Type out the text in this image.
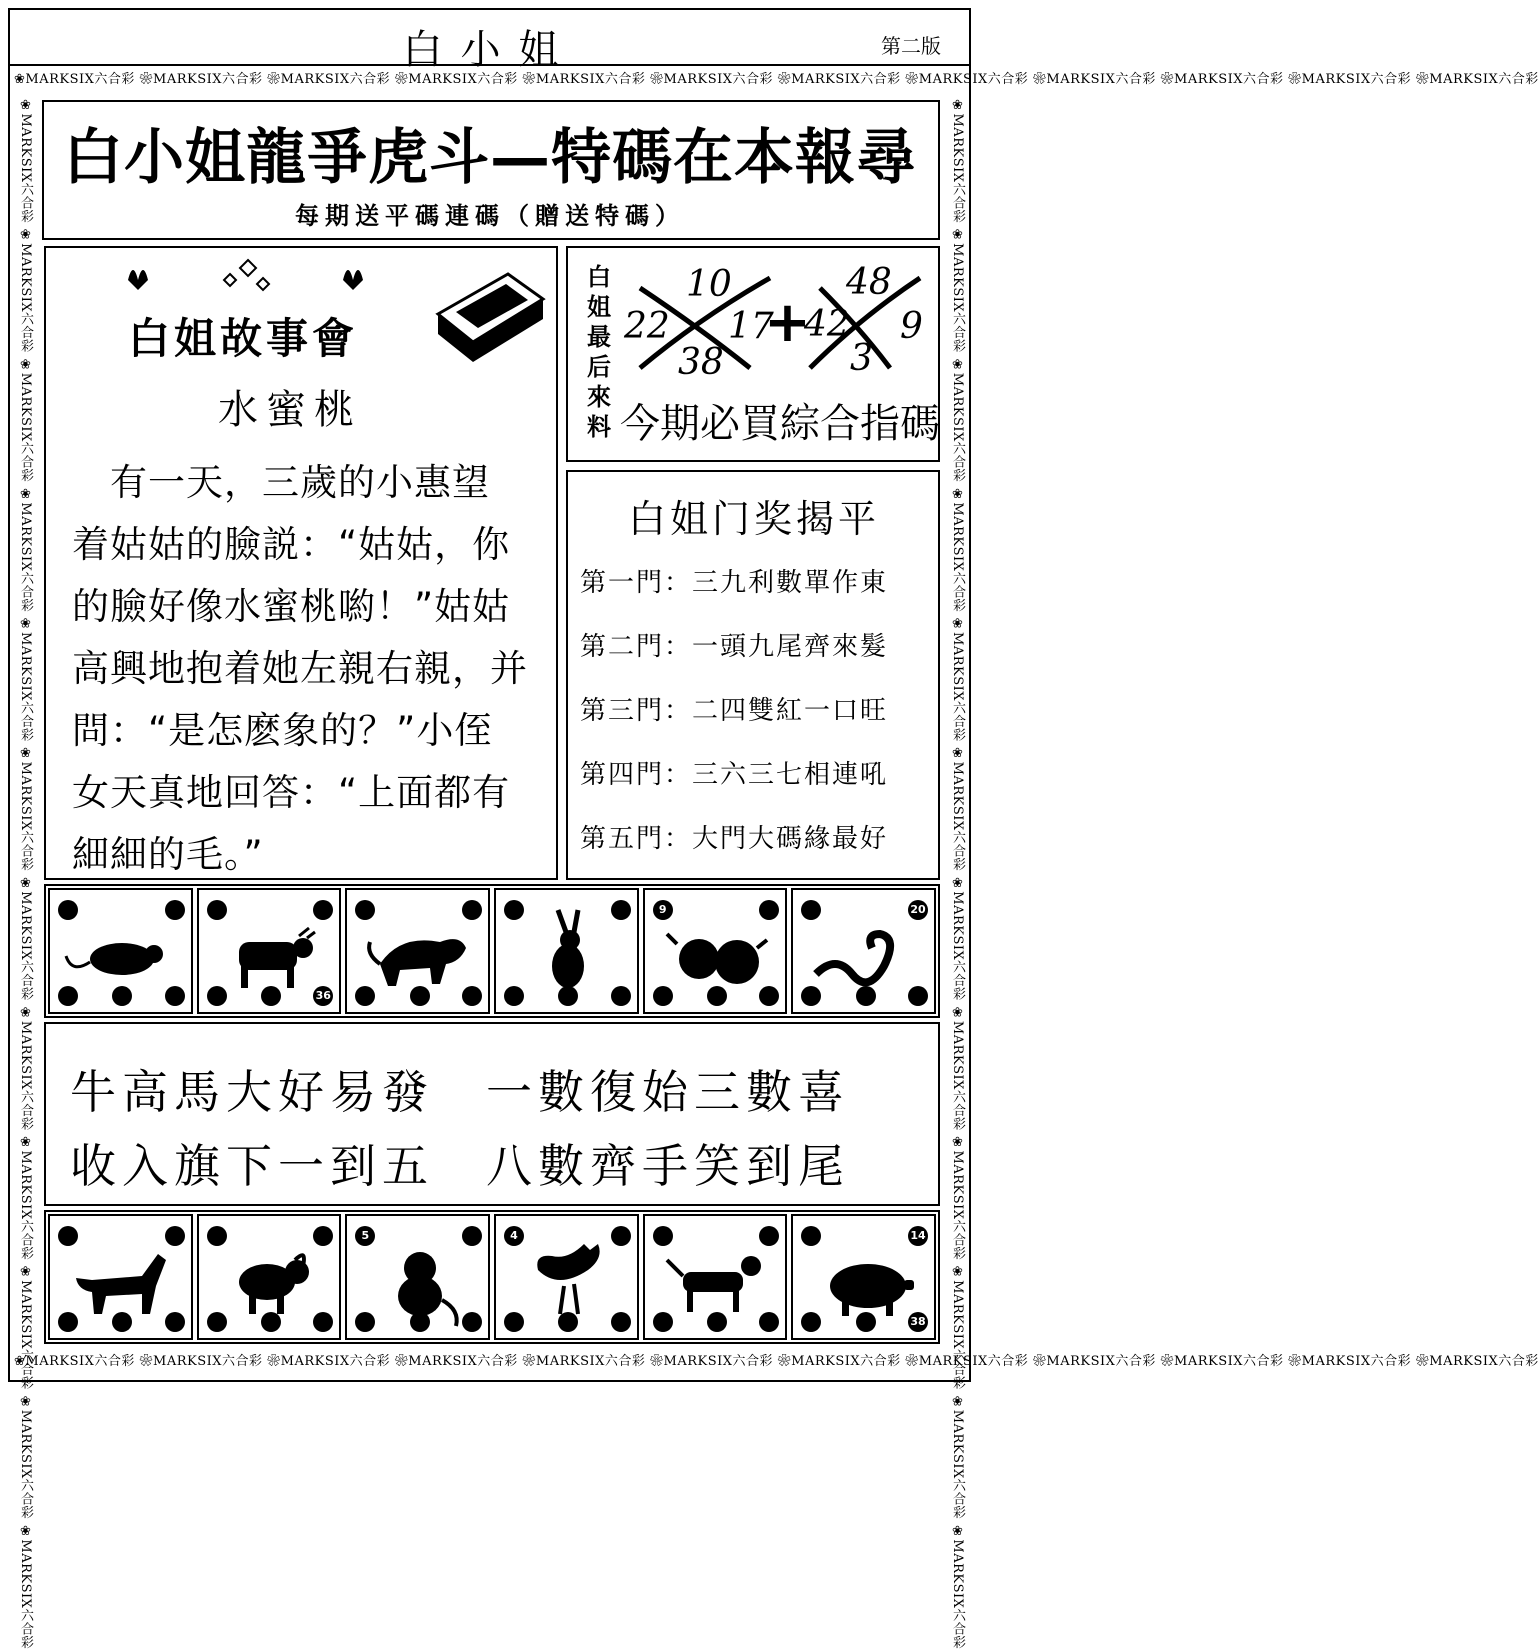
白小姐	第二版
❀MARKSIX六合彩 ❀MARKSIX六合彩 ❀MARKSIX六合彩 ❀MARKSIX六合彩 ❀MARKSIX六合彩 ❀MARKSIX六合彩 ❀MARKSIX六合彩 ❀MARKSIX六合彩 ❀MARKSIX六合彩 ❀MARKSIX六合彩 ❀MARKSIX六合彩 ❀MARKSIX六合彩
❀MARKSIX六合彩 ❀MARKSIX六合彩 ❀MARKSIX六合彩 ❀MARKSIX六合彩 ❀MARKSIX六合彩 ❀MARKSIX六合彩 ❀MARKSIX六合彩 ❀MARKSIX六合彩 ❀MARKSIX六合彩 ❀MARKSIX六合彩 ❀MARKSIX六合彩 ❀MARKSIX六合彩
❀MARKSIX六合彩 ❀MARKSIX六合彩 ❀MARKSIX六合彩 ❀MARKSIX六合彩 ❀MARKSIX六合彩 ❀MARKSIX六合彩 ❀MARKSIX六合彩 ❀MARKSIX六合彩 ❀MARKSIX六合彩 ❀MARKSIX六合彩 ❀MARKSIX六合彩 ❀MARKSIX六合彩	❀MARKSIX六合彩 ❀MARKSIX六合彩 ❀MARKSIX六合彩 ❀MARKSIX六合彩 ❀MARKSIX六合彩 ❀MARKSIX六合彩 ❀MARKSIX六合彩 ❀MARKSIX六合彩 ❀MARKSIX六合彩 ❀MARKSIX六合彩 ❀MARKSIX六合彩 ❀MARKSIX六合彩
白小姐龍爭虎斗—特碼在本報尋
每期送平碼連碼（贈送特碼）
白姐故事會
水蜜桃
　有一天，三歲的小惠望
着姑姑的臉説：“姑姑，你
的臉好像水蜜桃喲！”姑姑
高興地抱着她左親右親，并
問：“是怎麽象的？”小侄
女天真地回答：“上面都有
細細的毛。”
白姐最后來料
10
22
38
17
+
42
48
9
3
今期必買綜合指碼
白姐门奖揭平
第一門：三九利數單作東
第二門：一頭九尾齊來髮
第三門：二四雙紅一口旺
第四門：三六三七相連吼
第五門：大門大碼緣最好
36
9	20
牛高馬大好易發　一數復始三數喜
收入旗下一到五　八數齊手笑到尾
5	4	14
38
